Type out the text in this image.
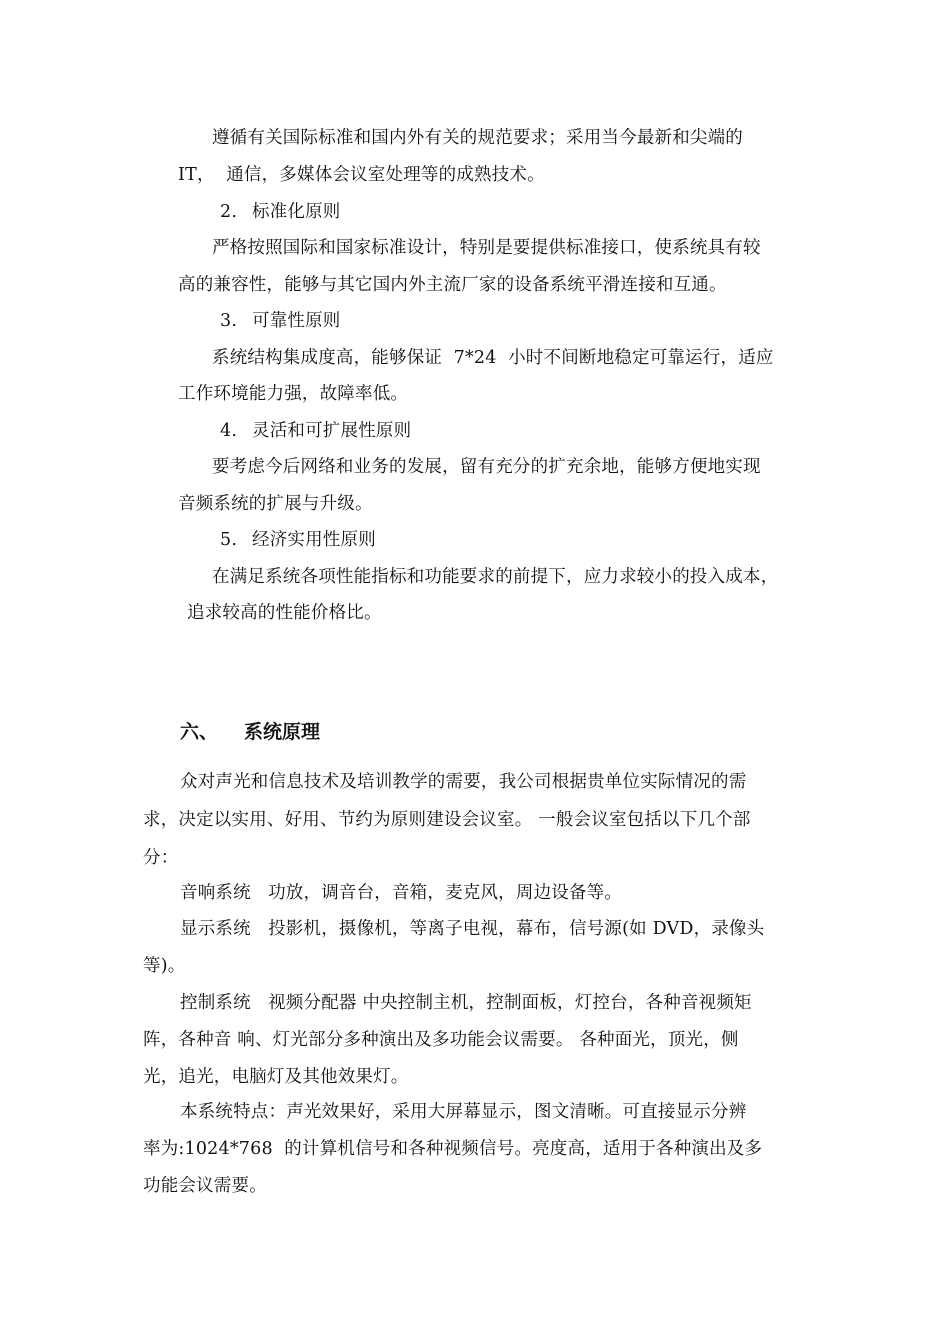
遵循有关国际标准和国内外有关的规范要求；采用当今最新和尖端的
IT，  通信，多媒体会议室处理等的成熟技术。
2. 标准化原则
严格按照国际和国家标准设计，特别是要提供标准接口，使系统具有较
高的兼容性，能够与其它国内外主流厂家的设备系统平滑连接和互通。
3. 可靠性原则
系统结构集成度高，能够保证  7*24  小时不间断地稳定可靠运行，适应
工作环境能力强，故障率低。
4. 灵活和可扩展性原则
要考虑今后网络和业务的发展，留有充分的扩充余地，能够方便地实现
音频系统的扩展与升级。
5. 经济实用性原则
在满足系统各项性能指标和功能要求的前提下，应力求较小的投入成本，
追求较高的性能价格比。
六、 系统原理
众对声光和信息技术及培训教学的需要，我公司根据贵单位实际情况的需
求，决定以实用、好用、节约为原则建设会议室。 一般会议室包括以下几个部
分：
音响系统   功放，调音台，音箱，麦克风，周边设备等。
显示系统   投影机，摄像机，等离子电视，幕布，信号源(如 DVD，录像头
等)。
控制系统   视频分配器 中央控制主机，控制面板，灯控台，各种音视频矩
阵，各种音 响、灯光部分多种演出及多功能会议需要。 各种面光，顶光，侧
光，追光，电脑灯及其他效果灯。
本系统特点：声光效果好，采用大屏幕显示，图文清晰。可直接显示分辨
率为:1024*768  的计算机信号和各种视频信号。亮度高，适用于各种演出及多
功能会议需要。
